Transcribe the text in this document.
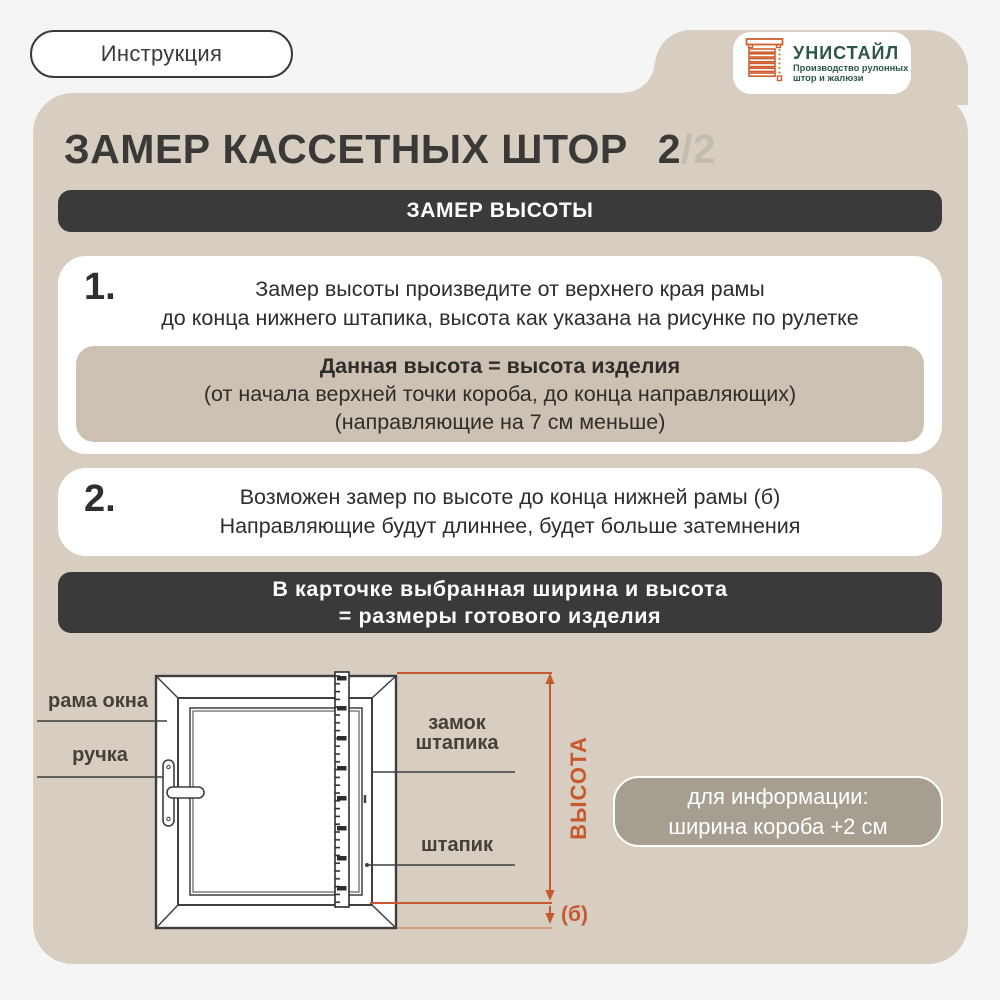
Инструкция	УНИСТАЙЛ
Производство рулонных
штор и жалюзи
ЗАМЕР КАССЕТНЫХ ШТОР 2 /2
ЗАМЕР ВЫСОТЫ
1.	Замер высоты произведите от верхнего края рамы
до конца нижнего штапика, высота как указана на рисунке по рулетке
Данная высота = высота изделия
(от начала верхней точки короба, до конца направляющих)
(направляющие на 7 см меньше)
2.	Возможен замер по высоте до конца нижней рамы (б)
Направляющие будут длиннее, будет больше затемнения
В карточке выбранная ширина и высота
= размеры готового изделия
рама окна
ручка
замок
штапика
штапик
ВЫСОТА
(б)
для информации:
ширина короба +2 см
